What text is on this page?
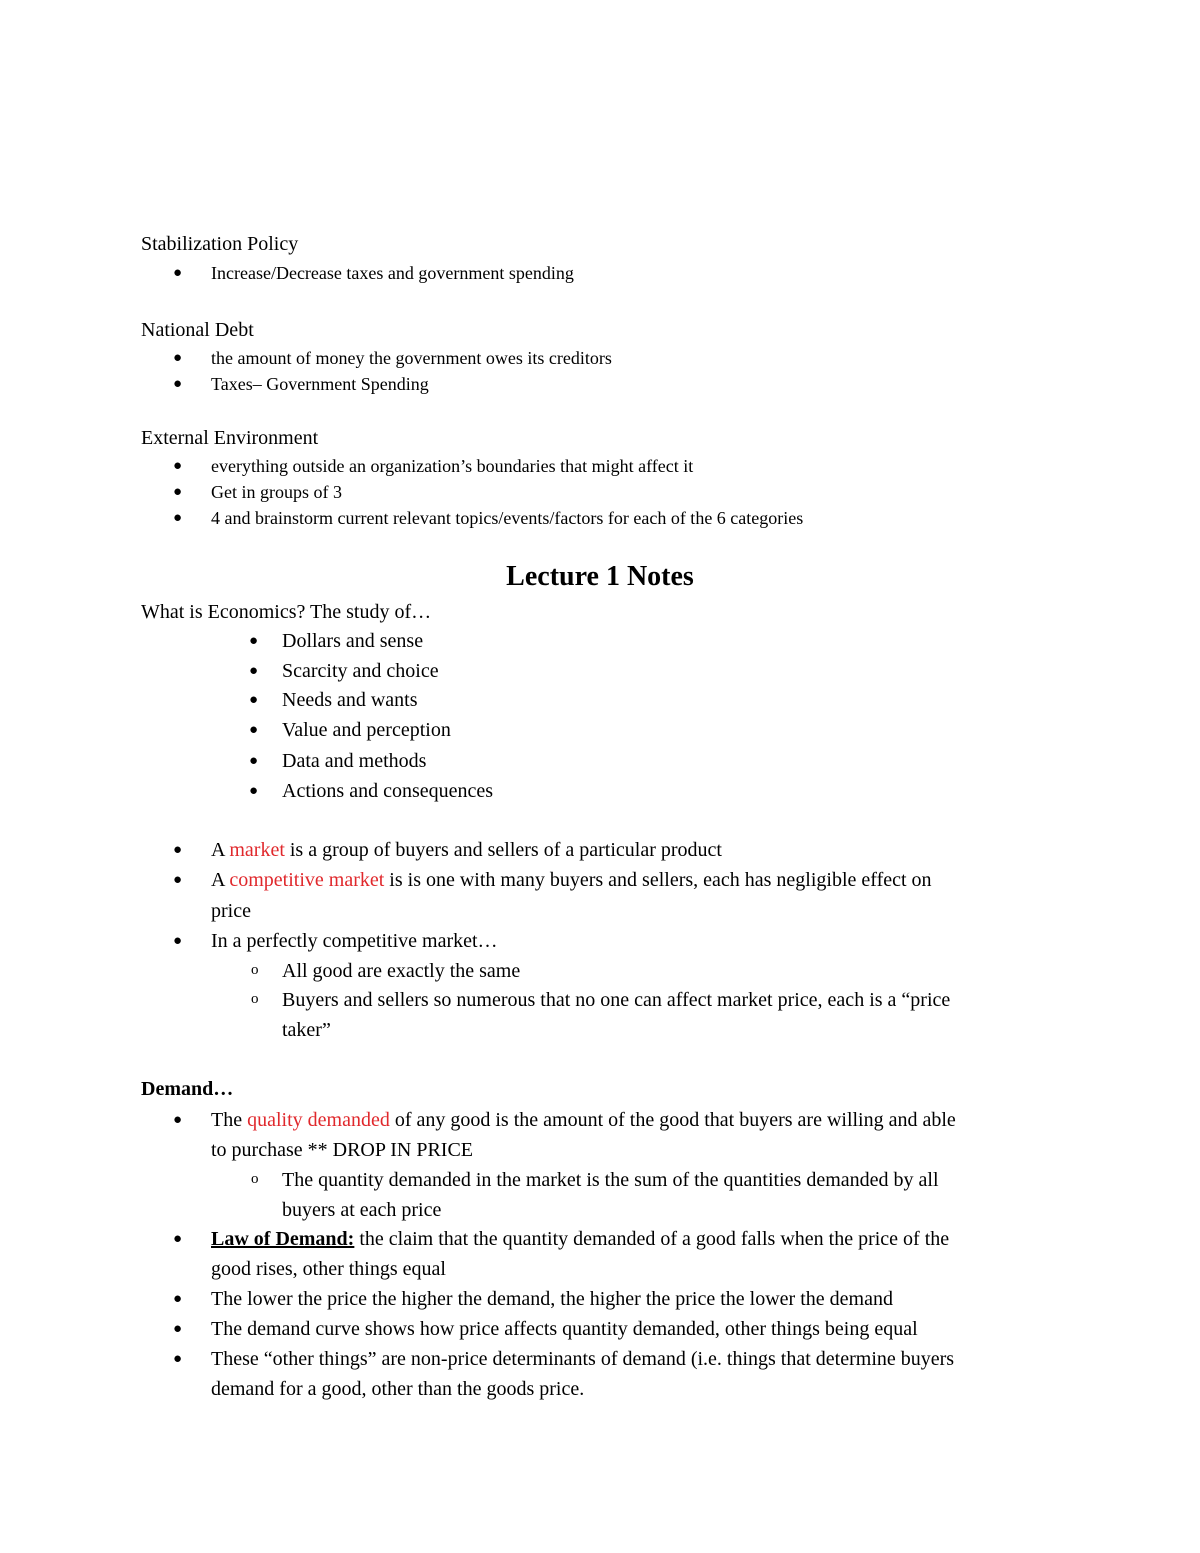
Stabilization Policy
● Increase/Decrease taxes and government spending
National Debt
● the amount of money the government owes its creditors
● Taxes– Government Spending
External Environment
● everything outside an organization’s boundaries that might affect it
● Get in groups of 3
● 4 and brainstorm current relevant topics/events/factors for each of the 6 categories
Lecture 1 Notes
What is Economics? The study of…
● Dollars and sense
● Scarcity and choice
● Needs and wants
● Value and perception
● Data and methods
● Actions and consequences
● A market is a group of buyers and sellers of a particular product
● A competitive market is is one with many buyers and sellers, each has negligible effect on
price
● In a perfectly competitive market…
o All good are exactly the same
o Buyers and sellers so numerous that no one can affect market price, each is a “price
taker”
Demand…
● The quality demanded of any good is the amount of the good that buyers are willing and able
to purchase ** DROP IN PRICE
o The quantity demanded in the market is the sum of the quantities demanded by all
buyers at each price
● Law of Demand: the claim that the quantity demanded of a good falls when the price of the
good rises, other things equal
● The lower the price the higher the demand, the higher the price the lower the demand
● The demand curve shows how price affects quantity demanded, other things being equal
● These “other things” are non-price determinants of demand (i.e. things that determine buyers
demand for a good, other than the goods price.
